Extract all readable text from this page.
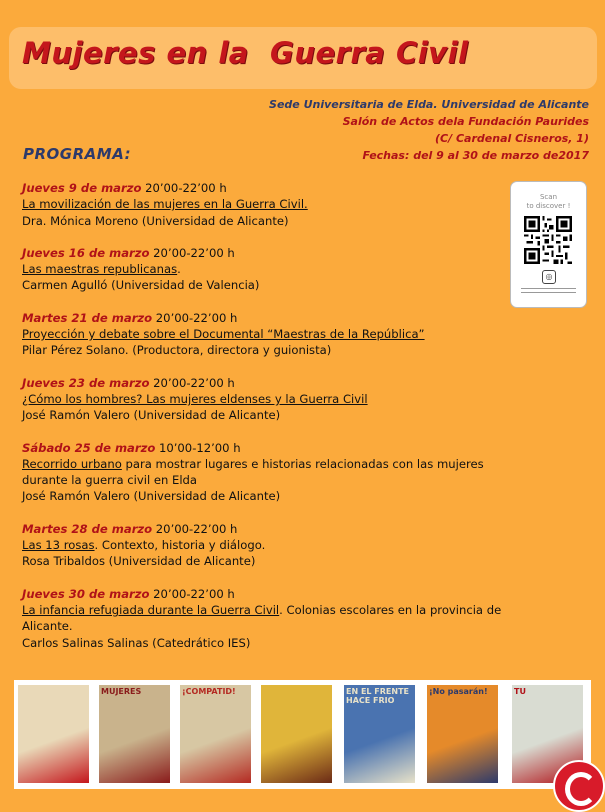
Mujeres en la  Guerra Civil
Sede Universitaria de Elda. Universidad de Alicante
Salón de Actos dela Fundación Paurides
(C/ Cardenal Cisneros, 1)
Fechas: del 9 al 30 de marzo de2017
PROGRAMA:
Scan
to discover !
◎
Jueves 9 de marzo 20’00-22’00 h
La movilización de las mujeres en la Guerra Civil.
Dra. Mónica Moreno (Universidad de Alicante)
Jueves 16 de marzo 20’00-22’00 h
Las maestras republicanas.
Carmen Agulló (Universidad de Valencia)
Martes 21 de marzo 20’00-22’00 h
Proyección y debate sobre el Documental “Maestras de la República”
Pilar Pérez Solano. (Productora, directora y guionista)
Jueves 23 de marzo 20’00-22’00 h
¿Cómo los hombres? Las mujeres eldenses y la Guerra Civil
José Ramón Valero (Universidad de Alicante)
Sábado 25 de marzo 10’00-12’00 h
Recorrido urbano para mostrar lugares e historias relacionadas con las mujeres durante la guerra civil en Elda
José Ramón Valero (Universidad de Alicante)
Martes 28 de marzo 20’00-22’00 h
Las 13 rosas. Contexto, historia y diálogo.
Rosa Tribaldos (Universidad de Alicante)
Jueves 30 de marzo 20’00-22’00 h
La infancia refugiada durante la Guerra Civil. Colonias escolares en la provincia de Alicante.
Carlos Salinas Salinas (Catedrático IES)
MUJERES	¡COMPATID!	EN EL FRENTE HACE FRIO
¡No pasarán!	TU
